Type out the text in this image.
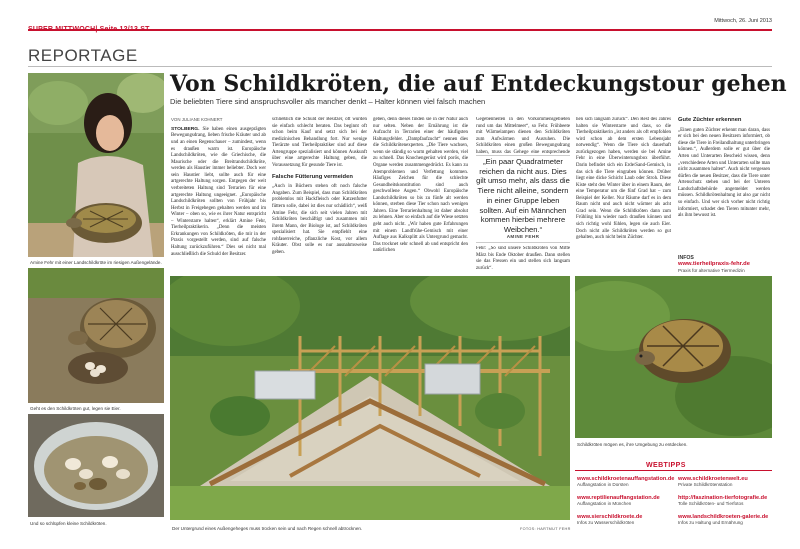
Mittwoch, 26. Juni 2013
REPORTAGE
Amine Fehr mit einer Landschildkröte im riesigen Außengelände.
Geht es den Schildkröten gut, legen sie Eier.
Und so schlüpfen kleine Schildkröten.
Von Schildkröten, die auf Entdeckungstour gehen
Die beliebten Tiere sind anspruchsvoller als mancher denkt – Halter können viel falsch machen
VON JULIANE KOHNERT

STOLBERG. Sie haben einen ausgeprägten Bewegungsdrang, lieben frische Kräuter und ab und an einen Regenschauer – zumindest, wenn es draußen warm ist. Europäische Landschildkröten, wie die Griechische, die Maurische oder die Breitrandschildkröte, werden als Haustier immer beliebter. Doch wer sein Haustier liebt, sollte auch für eine artgerechte Haltung sorgen. Entgegen der weit verbreiteten Haltung sind Terrarien für eine artgerechte Haltung ungeeignet. „Europäische Landschildkröten sollten von Frühjahr bis Herbst in Freigehegen gehalten werden und im Winter – oben so, wie es ihrer Natur entspricht – Winterstarre halten“, erklärt Amine Fehr, Tierheilpraktikerin. „Denn die meisten Erkrankungen von Schildkröten, die mir in der Praxis vorgestellt werden, sind auf falsche Haltung zurückzuführen.“ Dies sei nicht mal ausschließlich die Schuld der Besitzer.

schließlich die Schuld der Besitzer, oft würden sie einfach schlecht beraten. Das beginnt oft schon beim Kauf und setzt sich bei der medizinischen Behandlung fort. Nur wenige Tierärzte und Tierheilpraktiker sind auf diese Artengruppe spezialisiert und können Auskunft über eine artgerechte Haltung geben, die Voraussetzung für gesunde Tiere ist.

Falsche Fütterung vermeiden

„Auch in Büchern stehen oft noch falsche Angaben. Zum Beispiel, dass man Schildkröten problemlos mit Hackfleisch oder Katzenfutter füttern solle, dabei ist dies nur schädlich“, weiß Amine Fehr, die sich seit vielen Jahren mit Schildkröten beschäftigt und zusammen mit ihrem Mann, der Biologe ist, auf Schildkröten spezialisiert hat. Sie empfiehlt eine rohfaserreiche, pflanzliche Kost, vor allem Kräuter. Obst solle es nur ausnahmsweise geben.

geben, denn dieses finden sie in der Natur auch nur selten. Neben der Ernährung ist die Aufzucht in Terrarien einer der häufigsten Haltungsfehler. „Dampfaufzucht“ nennen dies die Schildkrötenexperten. „Die Tiere wachsen, wenn sie ständig so warm gehalten werden, viel zu schnell. Das Knochengerüst wird porös, die Organe werden zusammengedrückt. Es kann zu Atemproblemen und Verfettung kommen. Häufiges Zeichen für die schlechte Gesundheitskonstitution sind auch geschwollene Augen.“ Obwohl Europäische Landschildkröten so bis zu fünfe alt werden können, sterben diese Tier schon nach wenigen Jahren. Eine Terrarienhaltung ist daher absolut zu lehnen. Aber so einfach auf die Wiese setzten geht auch nicht. „Wir haben gute Erfahrungen mit einem Landfrühe-Gemisch mit einer Auflage aus Kalksplitt als Untergrund gemacht. Das trocknet sehr schnell ab und entspricht den natürlichen

Gegebenheiten in den Vorkommensgebieten rund um das Mittelmeer“, so Fehr. Frühbeete mit Wärmelampen dienen den Schildkröten zum Aufwärmen und Ausruhen. Die Schildkröten einen großen Bewegungsdrang haben, muss das Gehege eine entsprechende

„Ein paar Quadratmeter reichen da nicht aus. Dies gilt umso mehr, als dass die Tiere nicht alleine, sondern in einer Gruppe leben sollten. Auf ein Männchen kommen hierbei mehrere Weibchen.“
AMINE FEHR

Fehr: „So sind unsere Schildkröten von Mitte März bis Ende Oktober draußen. Dann stellen sie das Fressen ein und stellen sich langsam zurück“.

hen sich langsam zurück“. Den Rest des Jahres halten sie Winterstarre und dass, so die Tierheilpraktikerin „ist anders als oft empfohlen wird schon ab dem ersten Lebensjahr notwendig“. Wenn die Tiere sich dauerhaft zurückgezogen haben, werden sie bei Amine Fehr in eine Überwinterungsbox überführt. Darin befindet sich ein Erde/Sand-Gemisch, in das sich die Tiere eingraben können. Drüber liegt eine dicke Schicht Laub oder Stroh. Diese Kiste steht den Winter über in einem Raum, der eine Temperatur um die fünf Grad hat – zum Beispiel der Keller. Nur Räume darf es in dem Raum nicht und auch nicht wärmer als acht Grad sein. Wenn die Schildkröten dann zum Frühling hin wieder nach draußen können und sich richtig wohl fühlen, legen sie auch Eier. Doch nicht alle Schildkröten werden so gut gehalten, auch nicht beim Züchter.

Gute Züchter erkennen

„Einen guten Züchter erkennt man daran, dass er sich bei den neuen Besitzern informiert, ob diese die Tiere in Freilandhaltung unterbringen können.“, Außerdem solle er gut über die Arten und Unterarten Bescheid wissen, denn „verschiedene Arten und Unterarten sollte man nicht zusammen halten“. Auch nicht vergessen dürfen die neuen Besitzer, dass die Tiere unter Artenschutz stehen und bei der Unteren Landschaftsbehörde angemeldet werden müssen. Schildkrötenhaltung ist also gar nicht so einfach. Und wer sich vorher nicht richtig informiert, schadet den Tieren mitunter mehr, als ihm bewusst ist.

INFOS
www.tierheilpraxis-fehr.de
Praxis für alternative Tiermedizin
Der Untergrund eines Außengeheges muss trocken sein und nach Regen schnell abtrocknen.	FOTOS: HARTMUT FEHR
Schildkröten mögen es, ihre Umgebung zu entdecken.
WEBTIPPS
www.schildkroetenauffangstation.de
Auffangstation in Dorsten
www.schildkroetenwelt.eu
Private Schildkrötenstation
www.reptilienauffangstation.de
Auffangstation in München
http://faszination-tierfotografie.de
Tolle Schildkröten- und Tierfotos
www.sierschildkroete.de
Infos zu Wasserschildkröten
www.landschildkroeten-galerie.de
Infos zu Haltung und Ernährung
